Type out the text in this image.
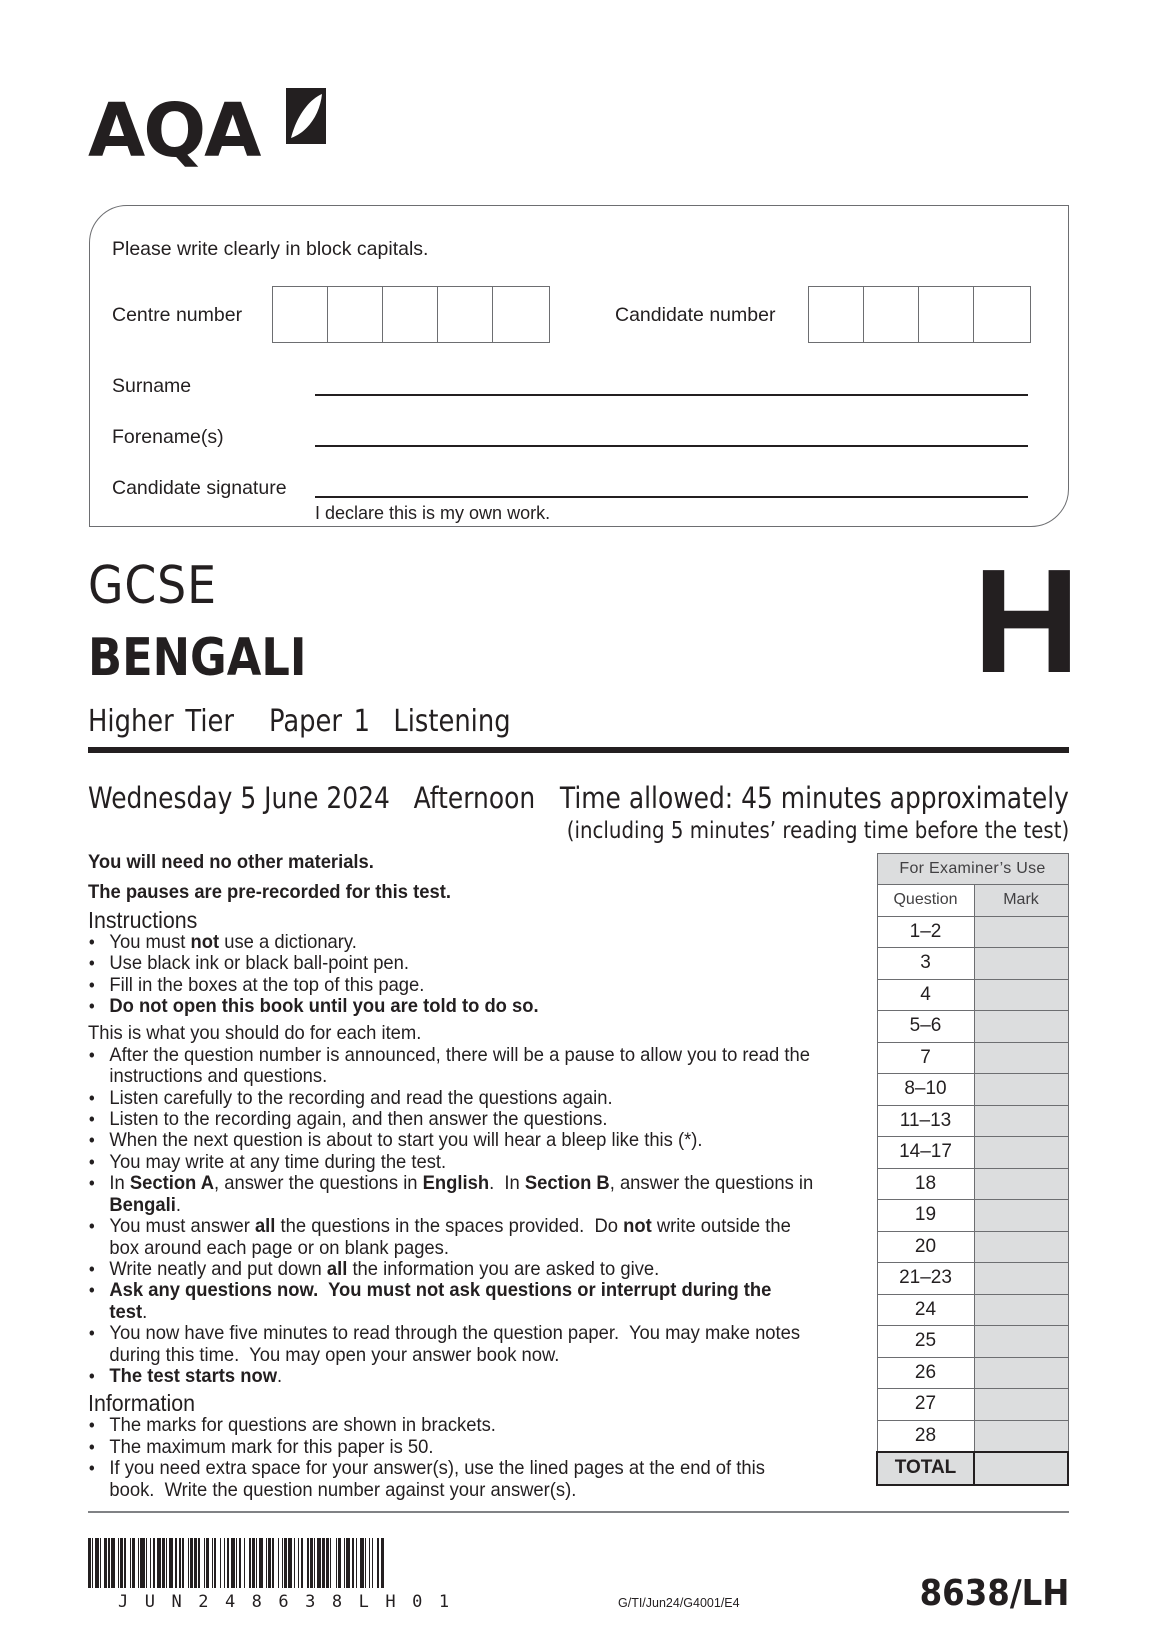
AQA
Please write clearly in block capitals.
Centre number	Candidate number
Surname
Forename(s)
Candidate signature
I declare this is my own work.
GCSE
BENGALI
Higher Tier   Paper 1  Listening
H
Wednesday 5 June 2024   Afternoon Time allowed: 45 minutes approximately
(including 5 minutes’ reading time before the test)
You will need no other materials.
The pauses are pre-recorded for this test.
Instructions
• You must not use a dictionary.
• Use black ink or black ball-point pen.
• Fill in the boxes at the top of this page.
• Do not open this book until you are told to do so.
This is what you should do for each item.
• After the question number is announced, there will be a pause to allow you to read the instructions and questions.
• Listen carefully to the recording and read the questions again.
• Listen to the recording again, and then answer the questions.
• When the next question is about to start you will hear a bleep like this (*).
• You may write at any time during the test.
• In Section A, answer the questions in English.  In Section B, answer the questions in Bengali.
• You must answer all the questions in the spaces provided.  Do not write outside the box around each page or on blank pages.
• Write neatly and put down all the information you are asked to give.
• Ask any questions now.  You must not ask questions or interrupt during the test.
• You now have five minutes to read through the question paper.  You may make notes during this time.  You may open your answer book now.
• The test starts now.
Information
• The marks for questions are shown in brackets.
• The maximum mark for this paper is 50.
• If you need extra space for your answer(s), use the lined pages at the end of this book.  Write the question number against your answer(s).
For Examiner’s Use	
Question	Mark
1–2	
3	
4	
5–6	
7	
8–10	
11–13	
14–17	
18	
19	
20	
21–23	
24	
25	
26	
27	
28	
TOTAL	
JUN248638LH01	G/TI/Jun24/G4001/E4	8638/LH
